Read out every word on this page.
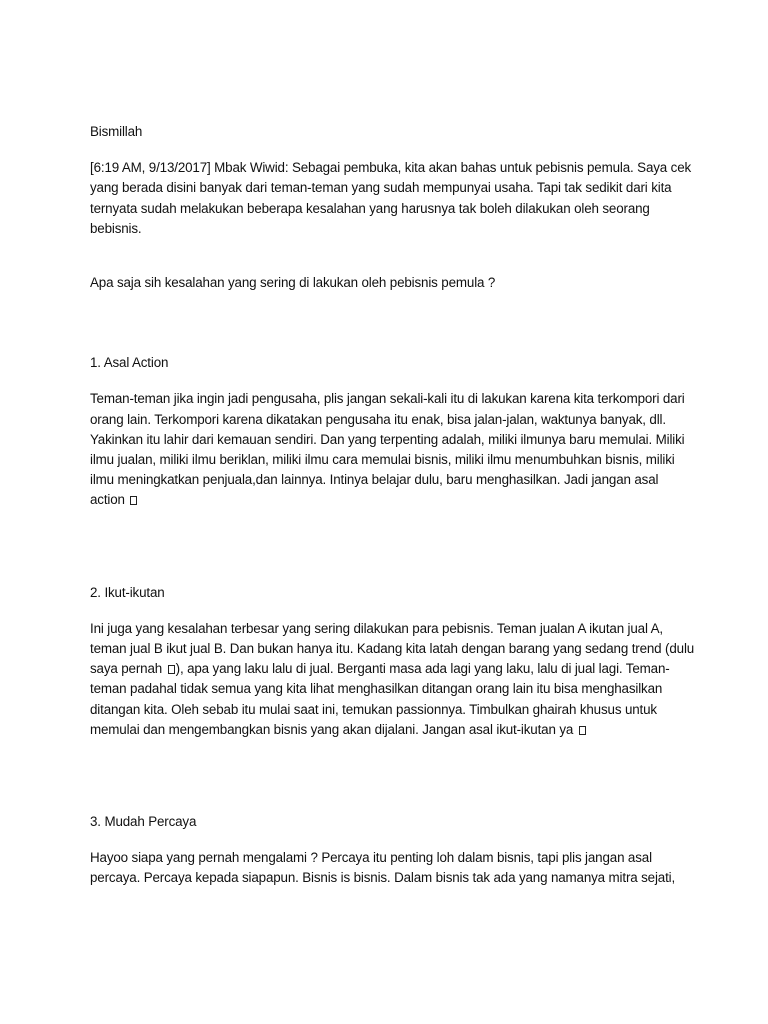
Bismillah

[6:19 AM, 9/13/2017] Mbak Wiwid: Sebagai pembuka, kita akan bahas untuk pebisnis pemula. Saya cek
yang berada disini banyak dari teman-teman yang sudah mempunyai usaha. Tapi tak sedikit dari kita
ternyata sudah melakukan beberapa kesalahan yang harusnya tak boleh dilakukan oleh seorang
bebisnis.

Apa saja sih kesalahan yang sering di lakukan oleh pebisnis pemula ?

1. Asal Action

Teman-teman jika ingin jadi pengusaha, plis jangan sekali-kali itu di lakukan karena kita terkompori dari
orang lain. Terkompori karena dikatakan pengusaha itu enak, bisa jalan-jalan, waktunya banyak, dll.
Yakinkan itu lahir dari kemauan sendiri. Dan yang terpenting adalah, miliki ilmunya baru memulai. Miliki
ilmu jualan, miliki ilmu beriklan, miliki ilmu cara memulai bisnis, miliki ilmu menumbuhkan bisnis, miliki
ilmu meningkatkan penjuala,dan lainnya. Intinya belajar dulu, baru menghasilkan. Jadi jangan asal
action

2. Ikut-ikutan

Ini juga yang kesalahan terbesar yang sering dilakukan para pebisnis. Teman jualan A ikutan jual A,
teman jual B ikut jual B. Dan bukan hanya itu. Kadang kita latah dengan barang yang sedang trend (dulu
saya pernah ), apa yang laku lalu di jual. Berganti masa ada lagi yang laku, lalu di jual lagi. Teman-
teman padahal tidak semua yang kita lihat menghasilkan ditangan orang lain itu bisa menghasilkan
ditangan kita. Oleh sebab itu mulai saat ini, temukan passionnya. Timbulkan ghairah khusus untuk
memulai dan mengembangkan bisnis yang akan dijalani. Jangan asal ikut-ikutan ya

3. Mudah Percaya

Hayoo siapa yang pernah mengalami ? Percaya itu penting loh dalam bisnis, tapi plis jangan asal
percaya. Percaya kepada siapapun. Bisnis is bisnis. Dalam bisnis tak ada yang namanya mitra sejati,
